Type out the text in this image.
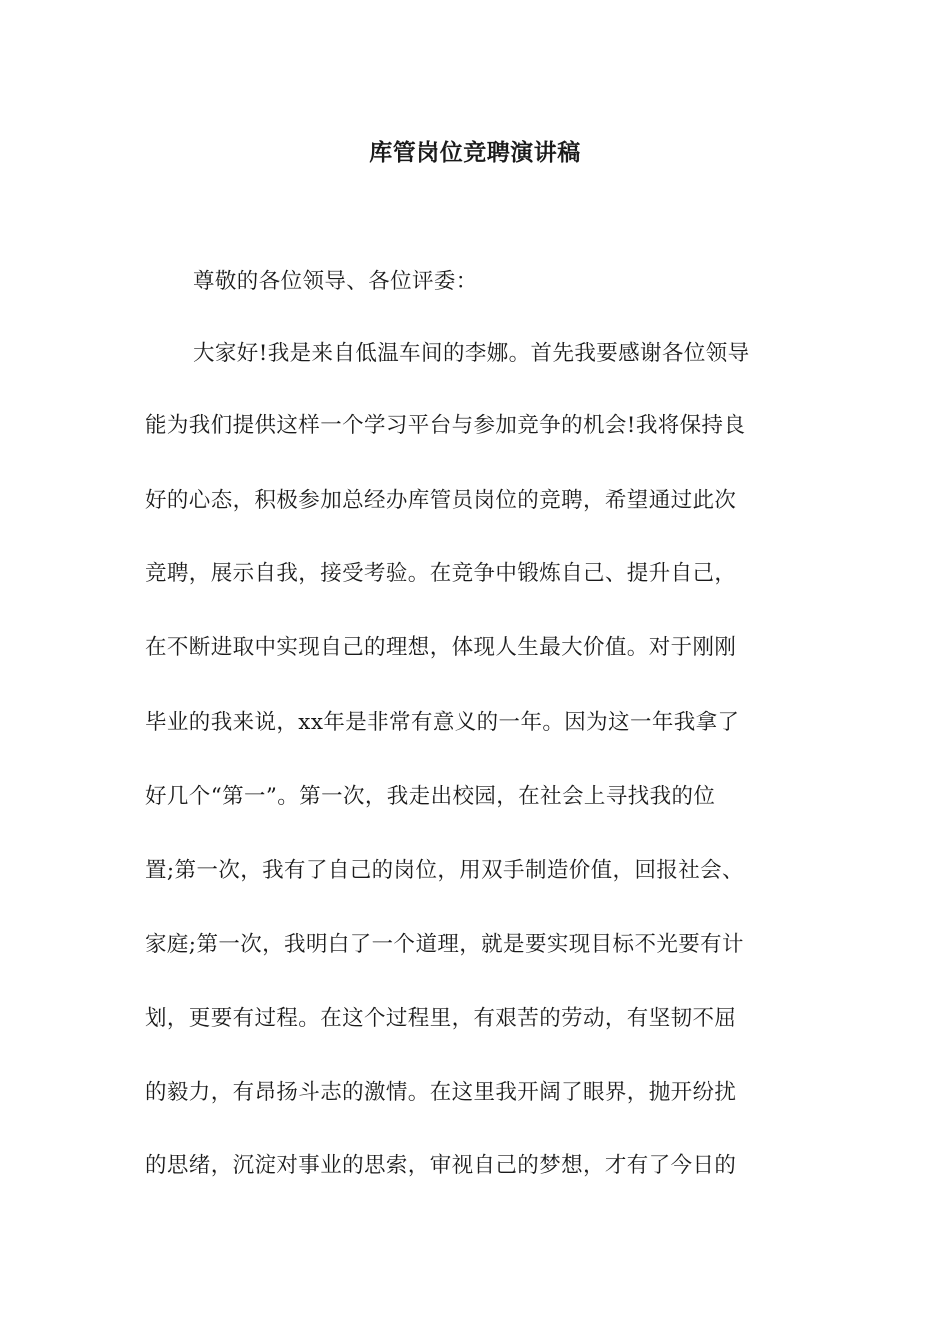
库管岗位竞聘演讲稿
尊敬的各位领导、各位评委：
大家好!我是来自低温车间的李娜。首先我要感谢各位领导
能为我们提供这样一个学习平台与参加竞争的机会!我将保持良
好的心态，积极参加总经办库管员岗位的竞聘，希望通过此次
竞聘，展示自我，接受考验。在竞争中锻炼自己、提升自己，
在不断进取中实现自己的理想，体现人生最大价值。对于刚刚
毕业的我来说，xx年是非常有意义的一年。因为这一年我拿了
好几个“第一”。第一次，我走出校园，在社会上寻找我的位
置;第一次，我有了自己的岗位，用双手制造价值，回报社会、
家庭;第一次，我明白了一个道理，就是要实现目标不光要有计
划，更要有过程。在这个过程里，有艰苦的劳动，有坚韧不屈
的毅力，有昂扬斗志的激情。在这里我开阔了眼界，抛开纷扰
的思绪，沉淀对事业的思索，审视自己的梦想，才有了今日的
